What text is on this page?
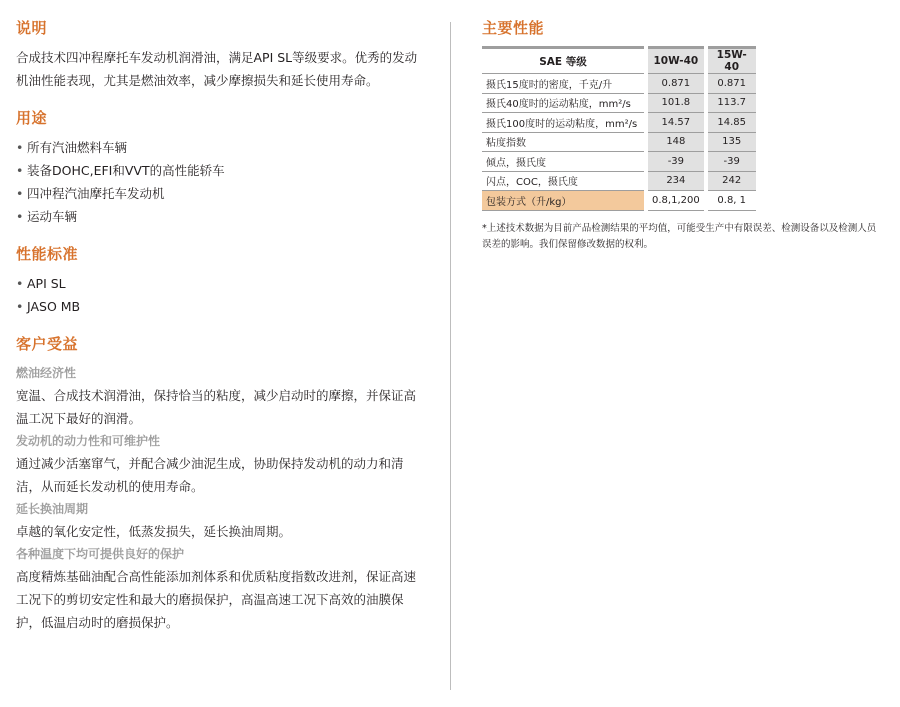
说明
合成技术四冲程摩托车发动机润滑油，满足API SL等级要求。优秀的发动机油性能表现，尤其是燃油效率，减少摩擦损失和延长使用寿命。
用途
• 所有汽油燃料车辆
• 装备DOHC,EFI和VVT的高性能轿车
• 四冲程汽油摩托车发动机
• 运动车辆
性能标准
• API SL
• JASO MB
客户受益
燃油经济性
宽温、合成技术润滑油，保持恰当的粘度，减少启动时的摩擦，并保证高温工况下最好的润滑。
发动机的动力性和可维护性
通过减少活塞窜气，并配合减少油泥生成，协助保持发动机的动力和清洁，从而延长发动机的使用寿命。
延长换油周期
卓越的氧化安定性，低蒸发损失，延长换油周期。
各种温度下均可提供良好的保护
高度精炼基础油配合高性能添加剂体系和优质粘度指数改进剂，保证高速工况下的剪切安定性和最大的磨损保护，高温高速工况下高效的油膜保护，低温启动时的磨损保护。
主要性能
SAE 等级		10W-40		15W-40
摄氏15度时的密度，千克/升		0.871		0.871
摄氏40度时的运动粘度，mm²/s		101.8		113.7
摄氏100度时的运动粘度，mm²/s		14.57		14.85
粘度指数		148		135
倾点，摄氏度		-39		-39
闪点，COC，摄氏度		234		242
包装方式（升/kg）		0.8,1,200		0.8, 1
*上述技术数据为目前产品检测结果的平均值，可能受生产中有限误差、检测设备以及检测人员误差的影响。我们保留修改数据的权利。
